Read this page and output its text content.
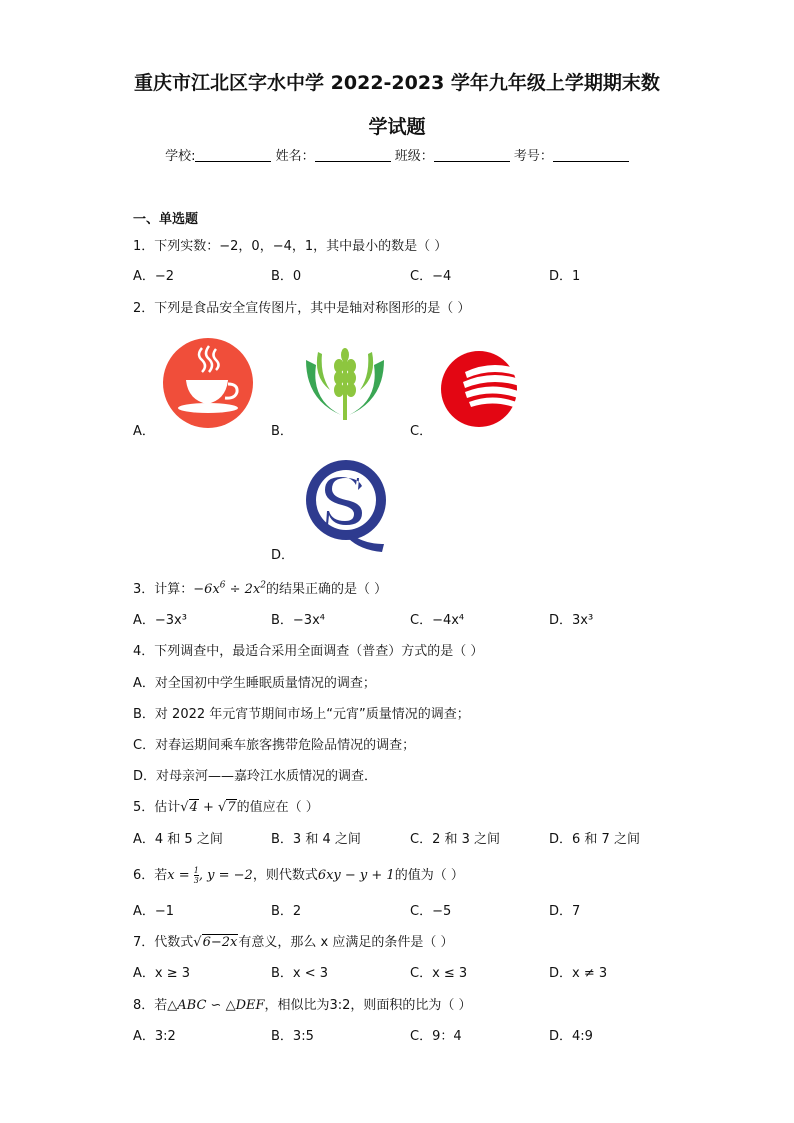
重庆市江北区字水中学 2022-2023 学年九年级上学期期末数
学试题
学校:	姓名：	班级：	考号：
一、单选题
1．下列实数：−2，0，−4，1，其中最小的数是（ ）
A．−2	B．0	C．−4	D．1
2．下列是食品安全宣传图片，其中是轴对称图形的是（ ）
A．	B．	C．
D．
3．计算：$-6x^6 \div 2x^2$的结果正确的是（ ）
A．−3x³	B．−3x⁴	C．−4x⁴	D．3x³
4．下列调查中，最适合采用全面调查（普查）方式的是（ ）
A．对全国初中学生睡眠质量情况的调查；
B．对 2022 年元宵节期间市场上“元宵”质量情况的调查；
C．对春运期间乘车旅客携带危险品情况的调查；
D．对母亲河——嘉玲江水质情况的调查．
5．估计√4 + √7的值应在（ ）
A．4 和 5 之间	B．3 和 4 之间	C．2 和 3 之间	D．6 和 7 之间
6．若$x = \frac{1}{3}$, y = −2，则代数式6xy − y + 1的值为（ ）
A．−1	B．2	C．−5	D．7
7．代数式√6−2x有意义，那么 x 应满足的条件是（ ）
A．x ≥ 3	B．x < 3	C．x ≤ 3	D．x ≠ 3
8．若△ABC ∽ △DEF，相似比为3:2，则面积的比为（ ）
A．3:2	B．3:5	C．9：4	D．4:9
